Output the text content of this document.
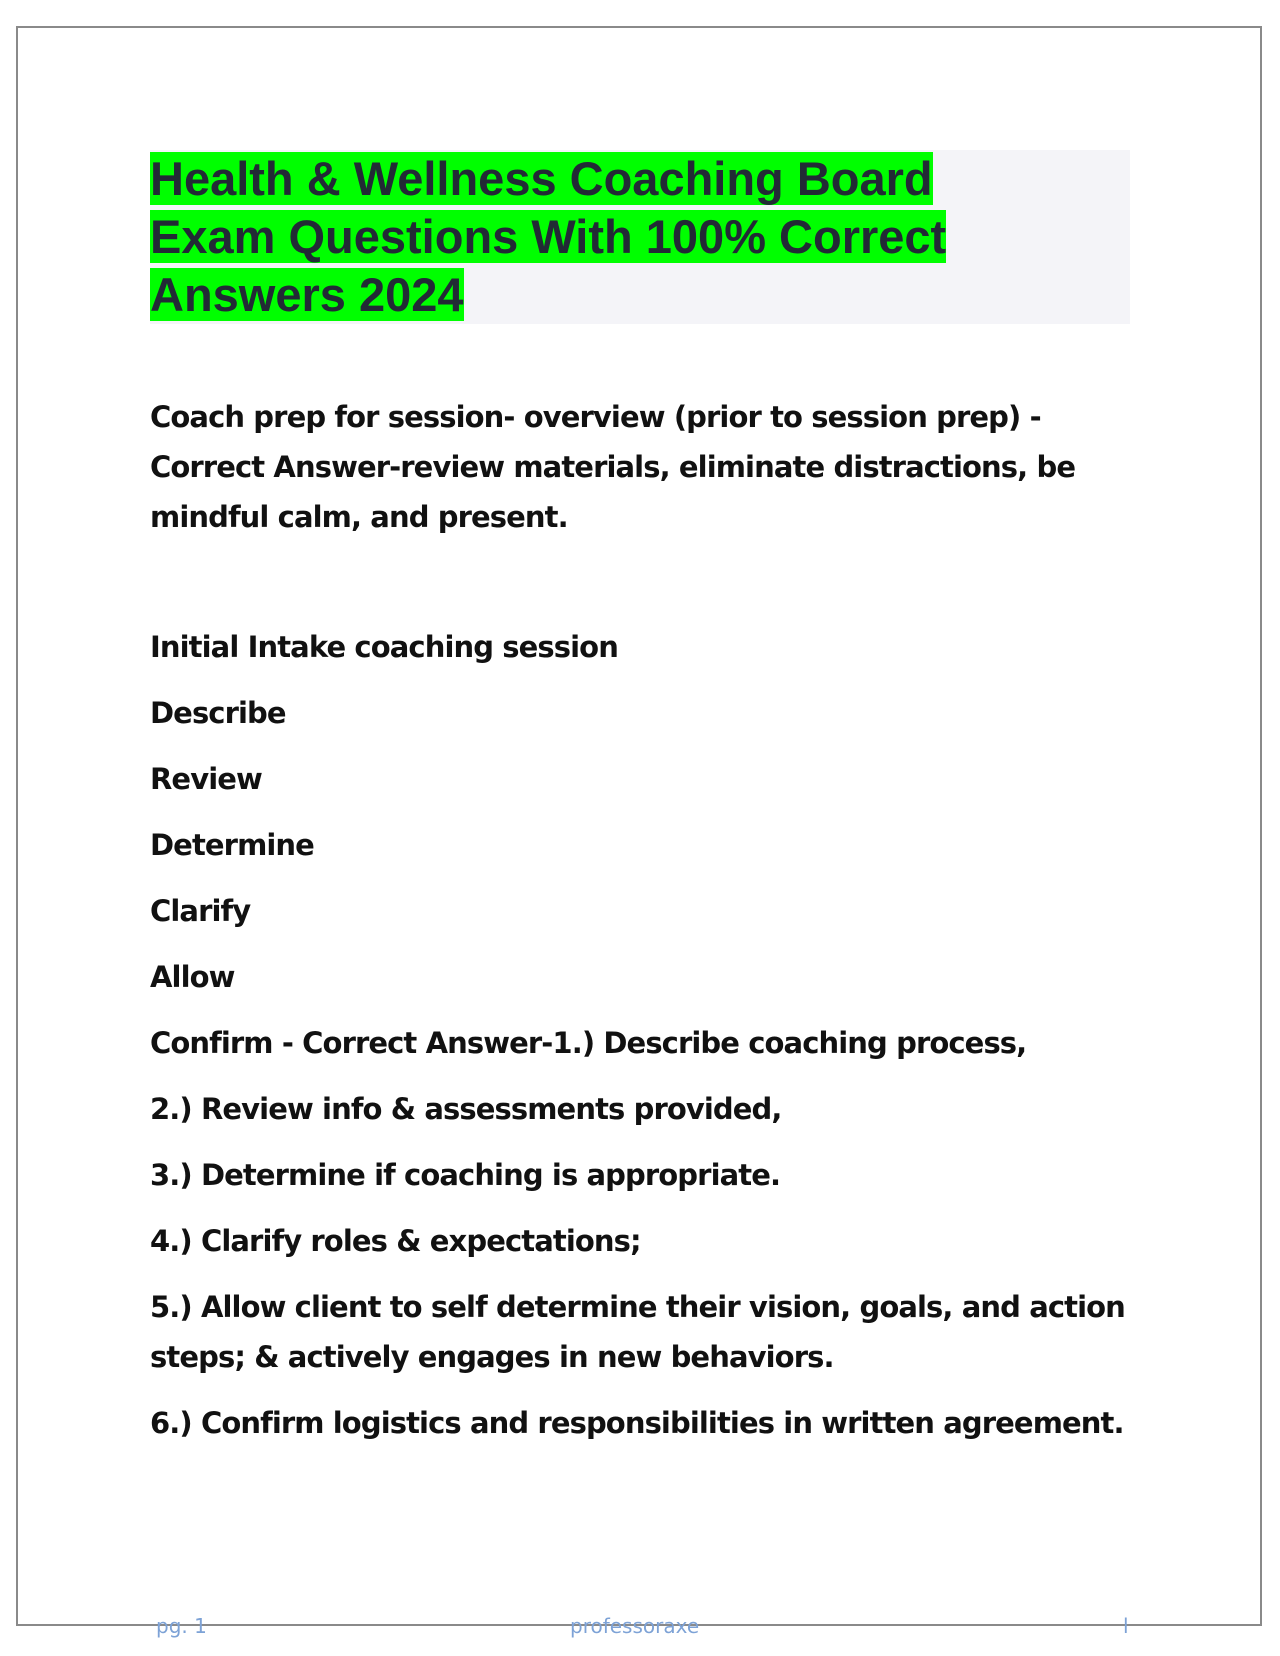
Health & Wellness Coaching Board
Exam Questions With 100% Correct
Answers 2024

Coach prep for session- overview (prior to session prep) - Correct Answer-review materials, eliminate distractions, be mindful calm, and present.

Initial Intake coaching session
Describe
Review
Determine
Clarify
Allow
Confirm - Correct Answer-1.) Describe coaching process,
2.) Review info & assessments provided,
3.) Determine if coaching is appropriate.
4.) Clarify roles & expectations;
5.) Allow client to self determine their vision, goals, and action steps; & actively engages in new behaviors.
6.) Confirm logistics and responsibilities in written agreement.
pg. 1	professoraxe	l
